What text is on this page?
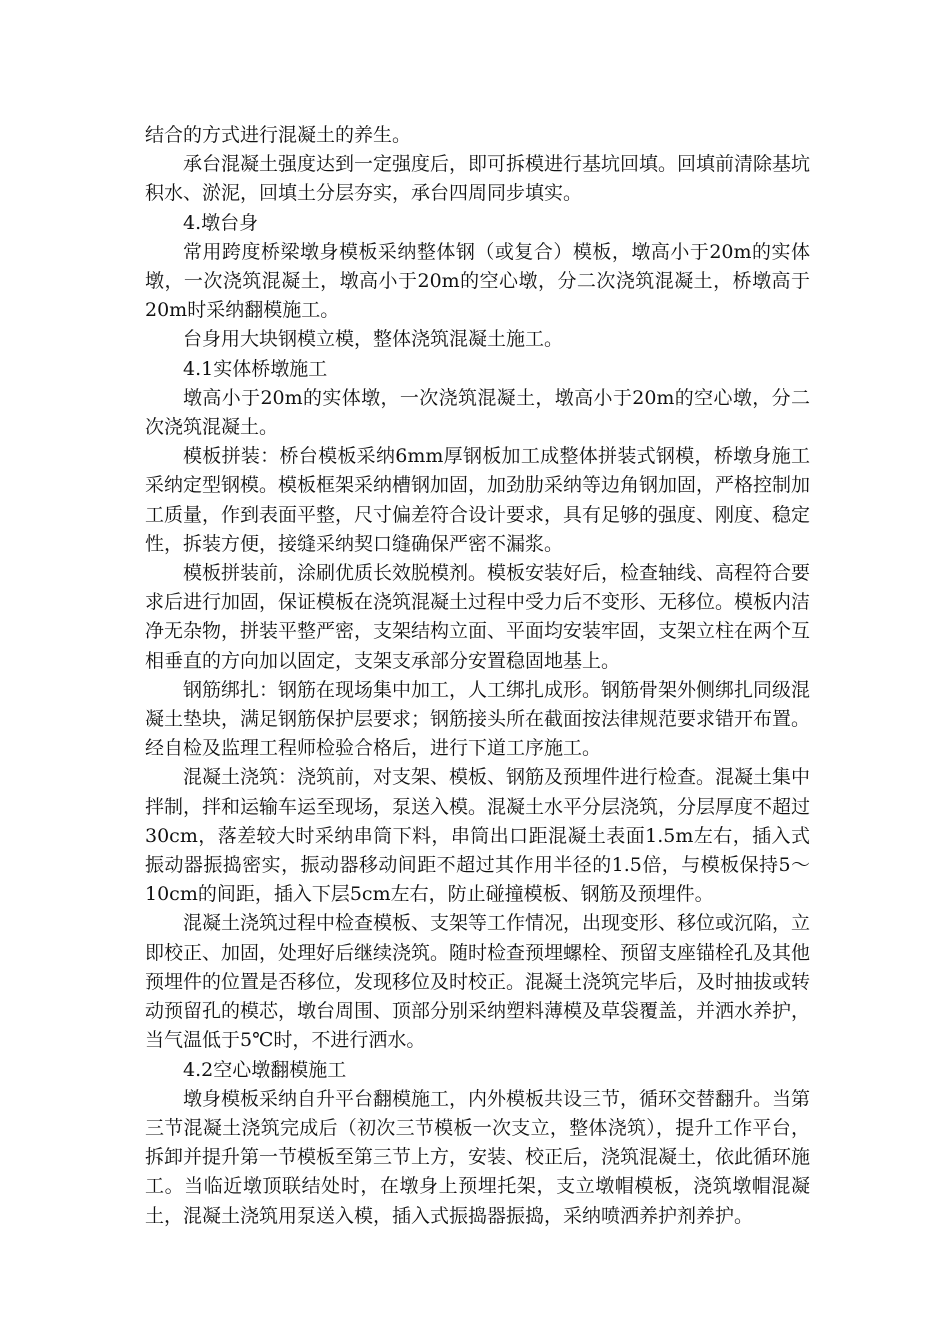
结合的方式进行混凝土的养生。

承台混凝土强度达到一定强度后，即可拆模进行基坑回填。回填前清除基坑积水、淤泥，回填土分层夯实，承台四周同步填实。

4.墩台身

常用跨度桥梁墩身模板采纳整体钢（或复合）模板，墩高小于20m的实体墩，一次浇筑混凝土，墩高小于20m的空心墩，分二次浇筑混凝土，桥墩高于20m时采纳翻模施工。

台身用大块钢模立模，整体浇筑混凝土施工。

4.1实体桥墩施工

墩高小于20m的实体墩，一次浇筑混凝土，墩高小于20m的空心墩，分二次浇筑混凝土。

模板拼装：桥台模板采纳6mm厚钢板加工成整体拼装式钢模，桥墩身施工采纳定型钢模。模板框架采纳槽钢加固，加劲肋采纳等边角钢加固，严格控制加工质量，作到表面平整，尺寸偏差符合设计要求，具有足够的强度、刚度、稳定性，拆装方便，接缝采纳契口缝确保严密不漏浆。

模板拼装前，涂刷优质长效脱模剂。模板安装好后，检查轴线、高程符合要求后进行加固，保证模板在浇筑混凝土过程中受力后不变形、无移位。模板内洁净无杂物，拼装平整严密，支架结构立面、平面均安装牢固，支架立柱在两个互相垂直的方向加以固定，支架支承部分安置稳固地基上。

钢筋绑扎：钢筋在现场集中加工，人工绑扎成形。钢筋骨架外侧绑扎同级混凝土垫块，满足钢筋保护层要求；钢筋接头所在截面按法律规范要求错开布置。经自检及监理工程师检验合格后，进行下道工序施工。

混凝土浇筑：浇筑前，对支架、模板、钢筋及预埋件进行检查。混凝土集中拌制，拌和运输车运至现场，泵送入模。混凝土水平分层浇筑，分层厚度不超过30cm，落差较大时采纳串筒下料，串筒出口距混凝土表面1.5m左右，插入式振动器振捣密实，振动器移动间距不超过其作用半径的1.5倍，与模板保持5～10cm的间距，插入下层5cm左右，防止碰撞模板、钢筋及预埋件。

混凝土浇筑过程中检查模板、支架等工作情况，出现变形、移位或沉陷，立即校正、加固，处理好后继续浇筑。随时检查预埋螺栓、预留支座锚栓孔及其他预埋件的位置是否移位，发现移位及时校正。混凝土浇筑完毕后，及时抽拔或转动预留孔的模芯，墩台周围、顶部分别采纳塑料薄模及草袋覆盖，并洒水养护，当气温低于5℃时，不进行洒水。

4.2空心墩翻模施工

墩身模板采纳自升平台翻模施工，内外模板共设三节，循环交替翻升。当第三节混凝土浇筑完成后（初次三节模板一次支立，整体浇筑），提升工作平台，拆卸并提升第一节模板至第三节上方，安装、校正后，浇筑混凝土，依此循环施工。当临近墩顶联结处时，在墩身上预埋托架，支立墩帽模板，浇筑墩帽混凝土，混凝土浇筑用泵送入模，插入式振捣器振捣，采纳喷洒养护剂养护。
